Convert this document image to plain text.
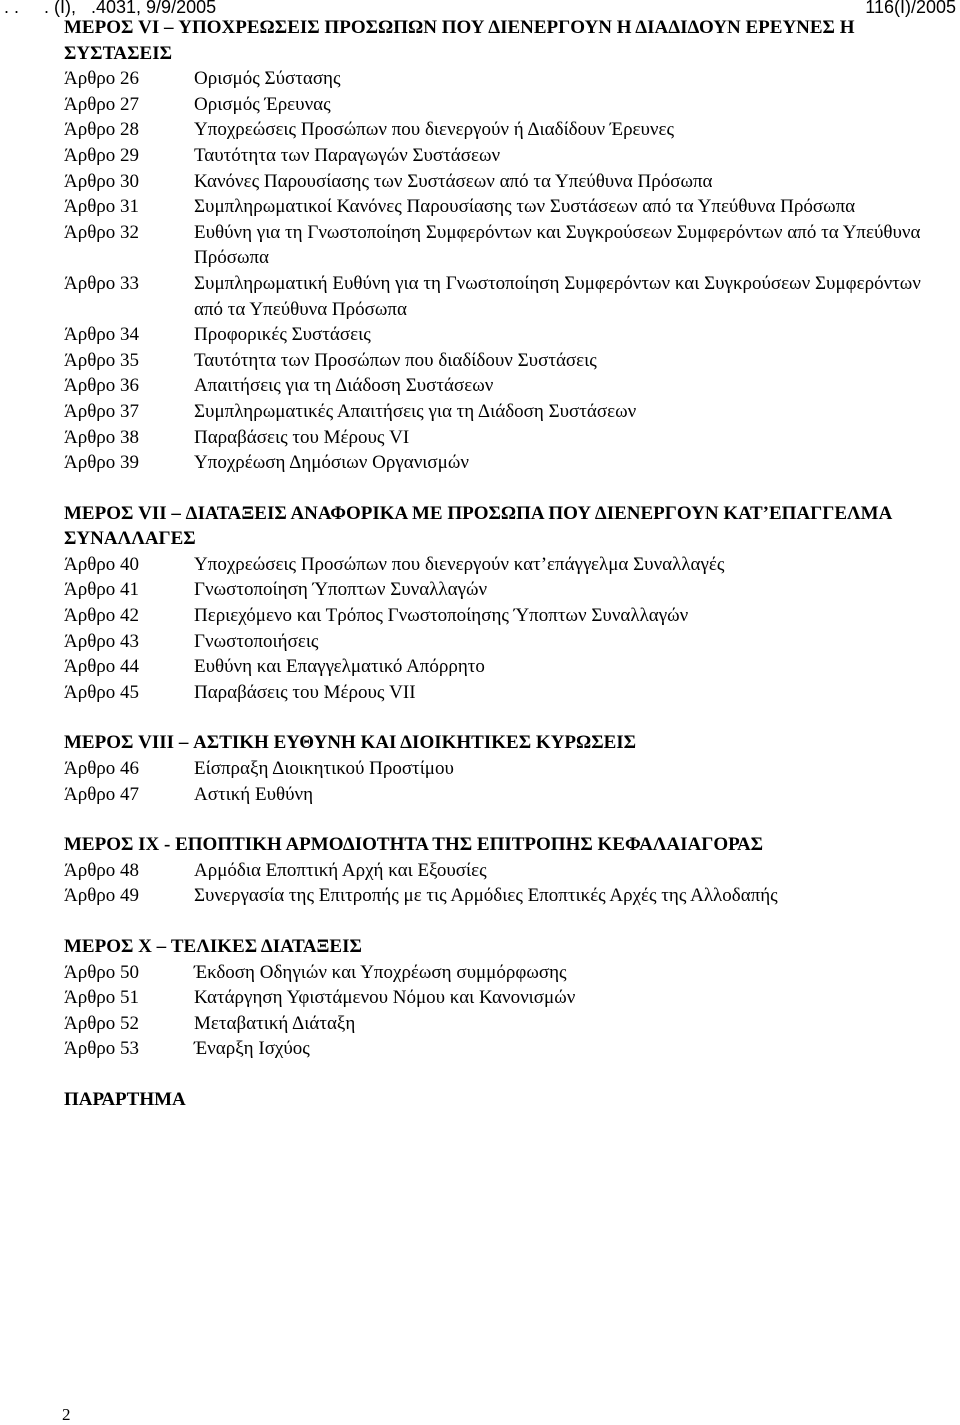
. .     . (I),   .4031, 9/9/2005	116(I)/2005
ΜΕΡΟΣ VI – ΥΠΟΧΡΕΩΣΕΙΣ ΠΡΟΣΩΠΩΝ ΠΟΥ ΔΙΕΝΕΡΓΟΥΝ Η ΔΙΑΔΙΔΟΥΝ ΕΡΕΥΝΕΣ Η ΣΥΣΤΑΣΕΙΣ
Άρθρο 26	Ορισμός Σύστασης
Άρθρο 27	Ορισμός Έρευνας
Άρθρο 28	Υποχρεώσεις Προσώπων που διενεργούν ή Διαδίδουν Έρευνες
Άρθρο 29	Ταυτότητα των Παραγωγών Συστάσεων
Άρθρο 30	Κανόνες Παρουσίασης των Συστάσεων από τα Υπεύθυνα Πρόσωπα
Άρθρο 31	Συμπληρωματικοί Κανόνες Παρουσίασης των Συστάσεων από τα Υπεύθυνα Πρόσωπα
Άρθρο 32	Ευθύνη για τη Γνωστοποίηση Συμφερόντων και Συγκρούσεων Συμφερόντων από τα Υπεύθυνα Πρόσωπα
Άρθρο 33	Συμπληρωματική Ευθύνη για τη Γνωστοποίηση Συμφερόντων και Συγκρούσεων Συμφερόντων από τα Υπεύθυνα Πρόσωπα
Άρθρο 34	Προφορικές Συστάσεις
Άρθρο 35	Ταυτότητα των Προσώπων που διαδίδουν Συστάσεις
Άρθρο 36	Απαιτήσεις για τη Διάδοση Συστάσεων
Άρθρο 37	Συμπληρωματικές Απαιτήσεις για τη Διάδοση Συστάσεων
Άρθρο 38	Παραβάσεις του Μέρους VI
Άρθρο 39	Υποχρέωση Δημόσιων Οργανισμών
ΜΕΡΟΣ VII – ΔΙΑΤΑΞΕΙΣ ΑΝΑΦΟΡΙΚΑ ΜΕ ΠΡΟΣΩΠΑ ΠΟΥ ΔΙΕΝΕΡΓΟΥΝ ΚΑΤ’ΕΠΑΓΓΕΛΜΑ ΣΥΝΑΛΛΑΓΕΣ
Άρθρο 40	Υποχρεώσεις Προσώπων που διενεργούν κατ’επάγγελμα Συναλλαγές
Άρθρο 41	Γνωστοποίηση Ύποπτων Συναλλαγών
Άρθρο 42	Περιεχόμενο και Τρόπος Γνωστοποίησης Ύποπτων Συναλλαγών
Άρθρο 43	Γνωστοποιήσεις
Άρθρο 44	Ευθύνη και Επαγγελματικό Απόρρητο
Άρθρο 45	Παραβάσεις του Μέρους VII
ΜΕΡΟΣ VIII – ΑΣΤΙΚΗ ΕΥΘΥΝΗ ΚΑΙ ΔΙΟΙΚΗΤΙΚΕΣ ΚΥΡΩΣΕΙΣ
Άρθρο 46	Είσπραξη Διοικητικού Προστίμου
Άρθρο 47	Αστική Ευθύνη
ΜΕΡΟΣ IX - ΕΠΟΠΤΙΚΗ ΑΡΜΟΔΙΟΤΗΤΑ ΤΗΣ ΕΠΙΤΡΟΠΗΣ ΚΕΦΑΛΑΙΑΓΟΡΑΣ
Άρθρο 48	Αρμόδια Εποπτική Αρχή και Εξουσίες
Άρθρο 49	Συνεργασία της Επιτροπής με τις Αρμόδιες Εποπτικές Αρχές της Αλλοδαπής
ΜΕΡΟΣ X – ΤΕΛΙΚΕΣ ΔΙΑΤΑΞΕΙΣ
Άρθρο 50	Έκδοση Οδηγιών και Υποχρέωση συμμόρφωσης
Άρθρο 51	Κατάργηση Υφιστάμενου Νόμου και Κανονισμών
Άρθρο 52	Μεταβατική Διάταξη
Άρθρο 53	Έναρξη Ισχύος
ΠΑΡΑΡΤΗΜΑ
2
